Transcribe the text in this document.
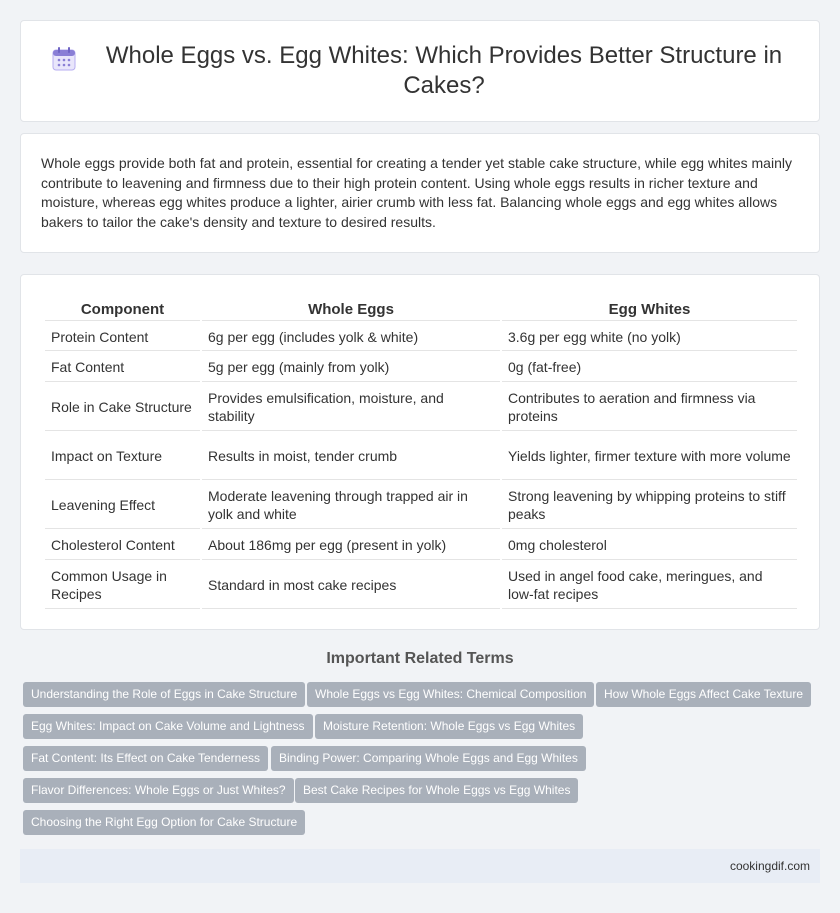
Whole Eggs vs. Egg Whites: Which Provides Better Structure in Cakes?

Whole eggs provide both fat and protein, essential for creating a tender yet stable cake structure, while egg whites mainly contribute to leavening and firmness due to their high protein content. Using whole eggs results in richer texture and moisture, whereas egg whites produce a lighter, airier crumb with less fat. Balancing whole eggs and egg whites allows bakers to tailor the cake's density and texture to desired results.

Component	Whole Eggs	Egg Whites
Protein Content	6g per egg (includes yolk & white)	3.6g per egg white (no yolk)
Fat Content	5g per egg (mainly from yolk)	0g (fat-free)
Role in Cake Structure	Provides emulsification, moisture, and stability	Contributes to aeration and firmness via proteins
Impact on Texture	Results in moist, tender crumb	Yields lighter, firmer texture with more volume
Leavening Effect	Moderate leavening through trapped air in yolk and white	Strong leavening by whipping proteins to stiff peaks
Cholesterol Content	About 186mg per egg (present in yolk)	0mg cholesterol
Common Usage in Recipes	Standard in most cake recipes	Used in angel food cake, meringues, and low-fat recipes
Important Related Terms
Understanding the Role of Eggs in Cake Structure	Whole Eggs vs Egg Whites: Chemical Composition	How Whole Eggs Affect Cake Texture
Egg Whites: Impact on Cake Volume and Lightness	Moisture Retention: Whole Eggs vs Egg Whites
Fat Content: Its Effect on Cake Tenderness	Binding Power: Comparing Whole Eggs and Egg Whites
Flavor Differences: Whole Eggs or Just Whites?	Best Cake Recipes for Whole Eggs vs Egg Whites
Choosing the Right Egg Option for Cake Structure
cookingdif.com
